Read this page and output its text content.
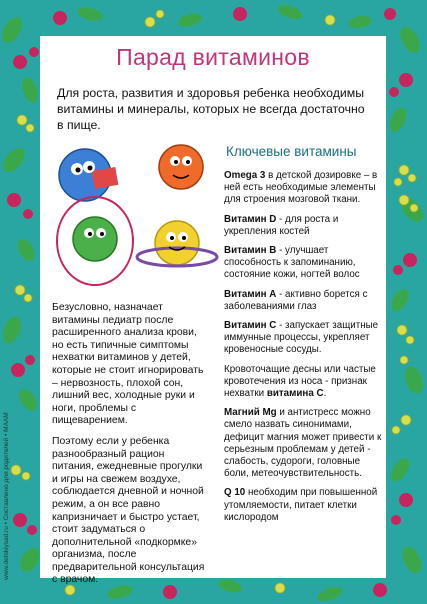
Парад витаминов
Для роста, развития и здоровья ребенка необходимы витамины и минералы, которых не всегда достаточно в пище.

Безусловно, назначает витамины педиатр после расширенного анализа крови, но есть типичные симптомы нехватки витаминов у детей, которые не стоит игнорировать – нервозность, плохой сон, лишний вес, холодные руки и ноги, проблемы с пищеварением.

Поэтому если у ребенка разнообразный рацион питания, ежедневные прогулки и игры на свежем воздухе, соблюдается дневной и ночной режим, а он все равно капризничает и быстро устает, стоит задуматься о дополнительной «подкормке» организма, после предварительной консультация с врачом.

Ключевые витамины
Omega 3 в детской дозировке – в ней есть необходимые элементы для строения мозговой ткани.
Витамин D - для роста и укрепления костей
Витамин В - улучшает способность к запоминанию, состояние кожи, ногтей волос
Витамин А - активно борется с заболеваниями глаз
Витамин С - запускает защитные иммунные процессы, укрепляет кровеносные сосуды.
Кровоточащие десны или частые кровотечения из носа - признак нехватки витамина С.
Магний Mg и антистресс можно смело назвать синонимами, дефицит магния может привести к серьезным проблемам у детей - слабость, судороги, головные боли, метеочувствительность.
Q 10 необходим при повышенной утомляемости, питает клетки кислородом
www.detskiysad.ru • Составлено для родителей • MAAM
